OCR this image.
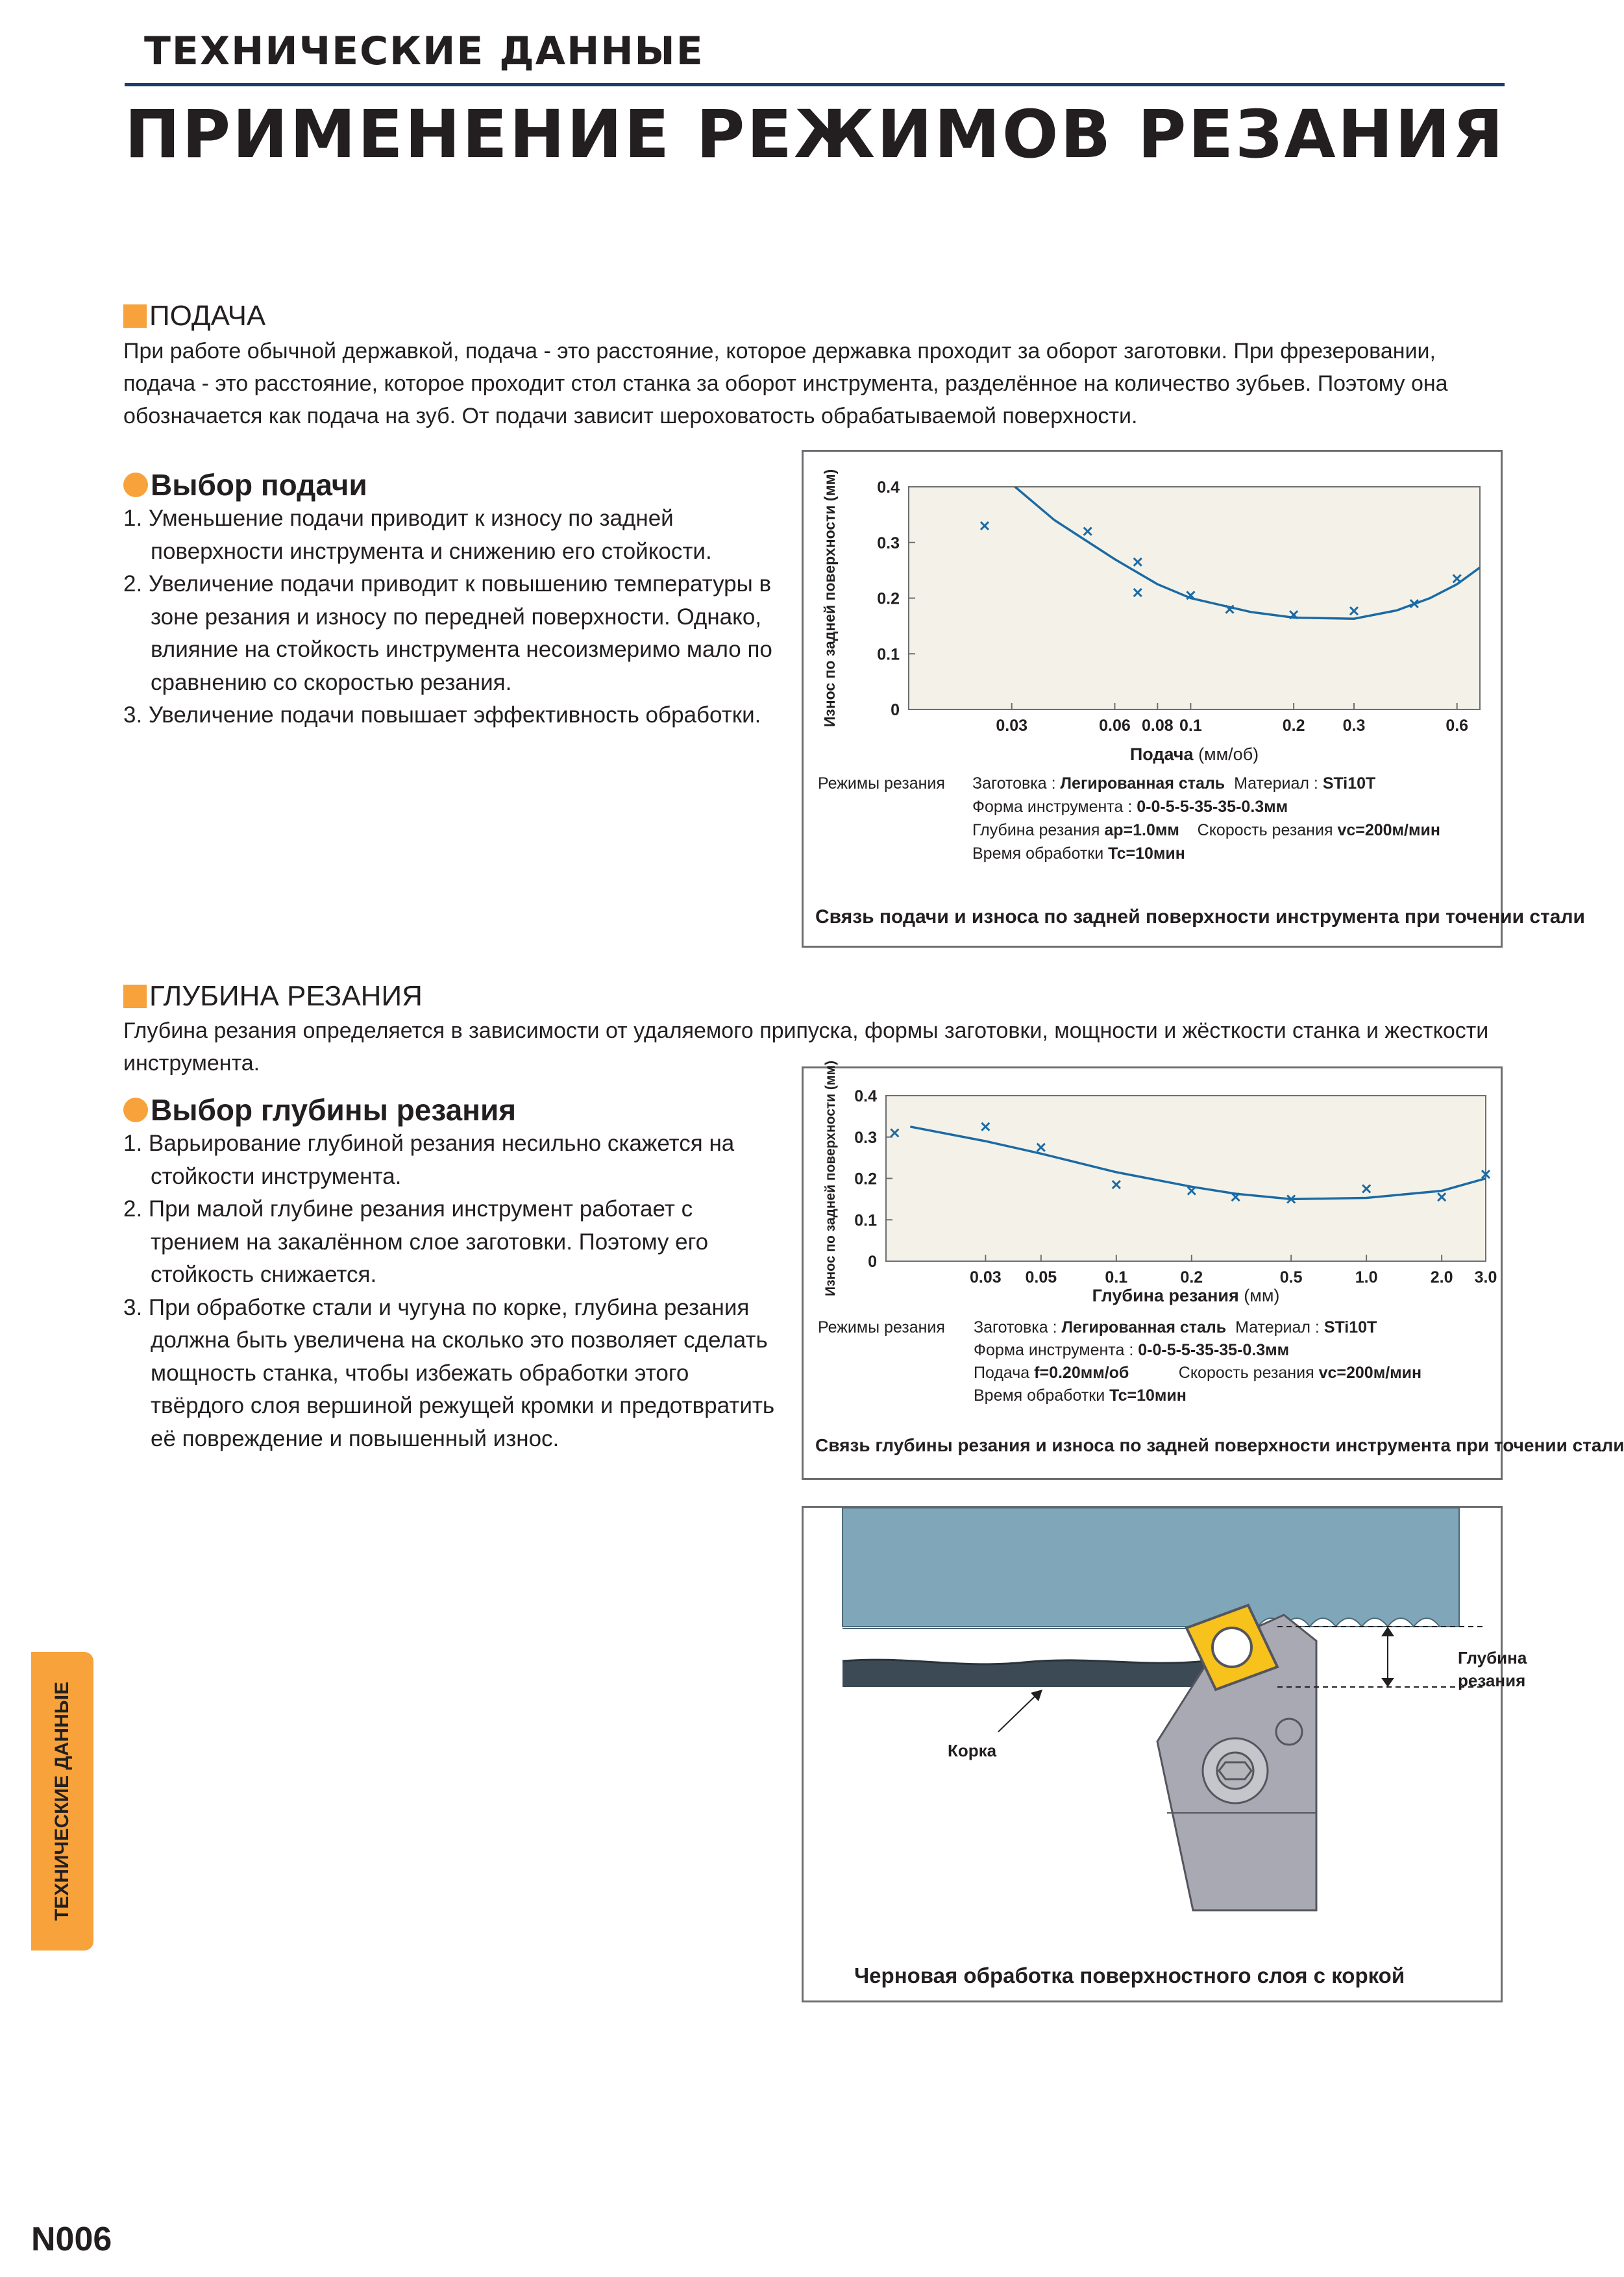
ТЕХНИЧЕСКИЕ ДАННЫЕ
ПРИМЕНЕНИЕ РЕЖИМОВ РЕЗАНИЯ
ПОДАЧА
При работе обычной державкой, подача - это расстояние, которое державка проходит за оборот заготовки. При фрезеровании, подача - это расстояние, которое проходит стол станка за оборот инструмента, разделённое на количество зубьев. Поэтому она обозначается как подача на зуб. От подачи зависит шероховатость обрабатываемой поверхности.
Выбор подачи
1. Уменьшение подачи приводит к износу по задней поверхности инструмента и снижению его стойкости.
2. Увеличение подачи приводит к повышению температуры в зоне резания и износу по передней поверхности. Однако, влияние на стойкость инструмента несоизмеримо мало по сравнению со скоростью резания.
3. Увеличение подачи повышает эффективность обработки.	0
0.1
0.2
0.3
0.4
0.03	0.06 0.08 0.1	0.2 0.3	0.6
Износ по задней поверхности (мм)
Подача (мм/об)
Режимы резания Заготовка : Легированная сталь Материал : STi10T
Форма инструмента : 0-0-5-5-35-35-0.3мм
Глубина резания ap=1.0мм Скорость резания vc=200м/мин
Время обработки Tc=10мин
Связь подачи и износа по задней поверхности инструмента при точении стали
ГЛУБИНА РЕЗАНИЯ
Глубина резания определяется в зависимости от удаляемого припуска, формы заготовки, мощности и жёсткости станка и жесткости инструмента.
Выбор глубины резания
1. Варьирование глубиной резания несильно скажется на стойкости инструмента.
2. При малой глубине резания инструмент работает с трением на закалённом слое заготовки. Поэтому его стойкость снижается.
3. При обработке стали и чугуна по корке, глубина резания должна быть увеличена на сколько это позволяет сделать мощность станка, чтобы избежать обработки этого твёрдого слоя вершиной режущей кромки и предотвратить её повреждение и повышенный износ.
0
0.1
0.2
0.3
0.4
0.03 0.05	0.1	0.2	0.5	1.0	2.0 3.0
Износ по задней поверхности (мм)	Глубина резания (мм)
Режимы резания Заготовка : Легированная сталь Материал : STi10T
Форма инструмента : 0-0-5-5-35-35-0.3мм
Подача f=0.20мм/об	Скорость резания vc=200м/мин
Время обработки Tc=10мин
Связь глубины резания и износа по задней поверхности инструмента при точении стали
Глубина
резания
Корка
Черновая обработка поверхностного слоя с коркой
ТЕХНИЧЕСКИЕ ДАННЫЕ
N006
